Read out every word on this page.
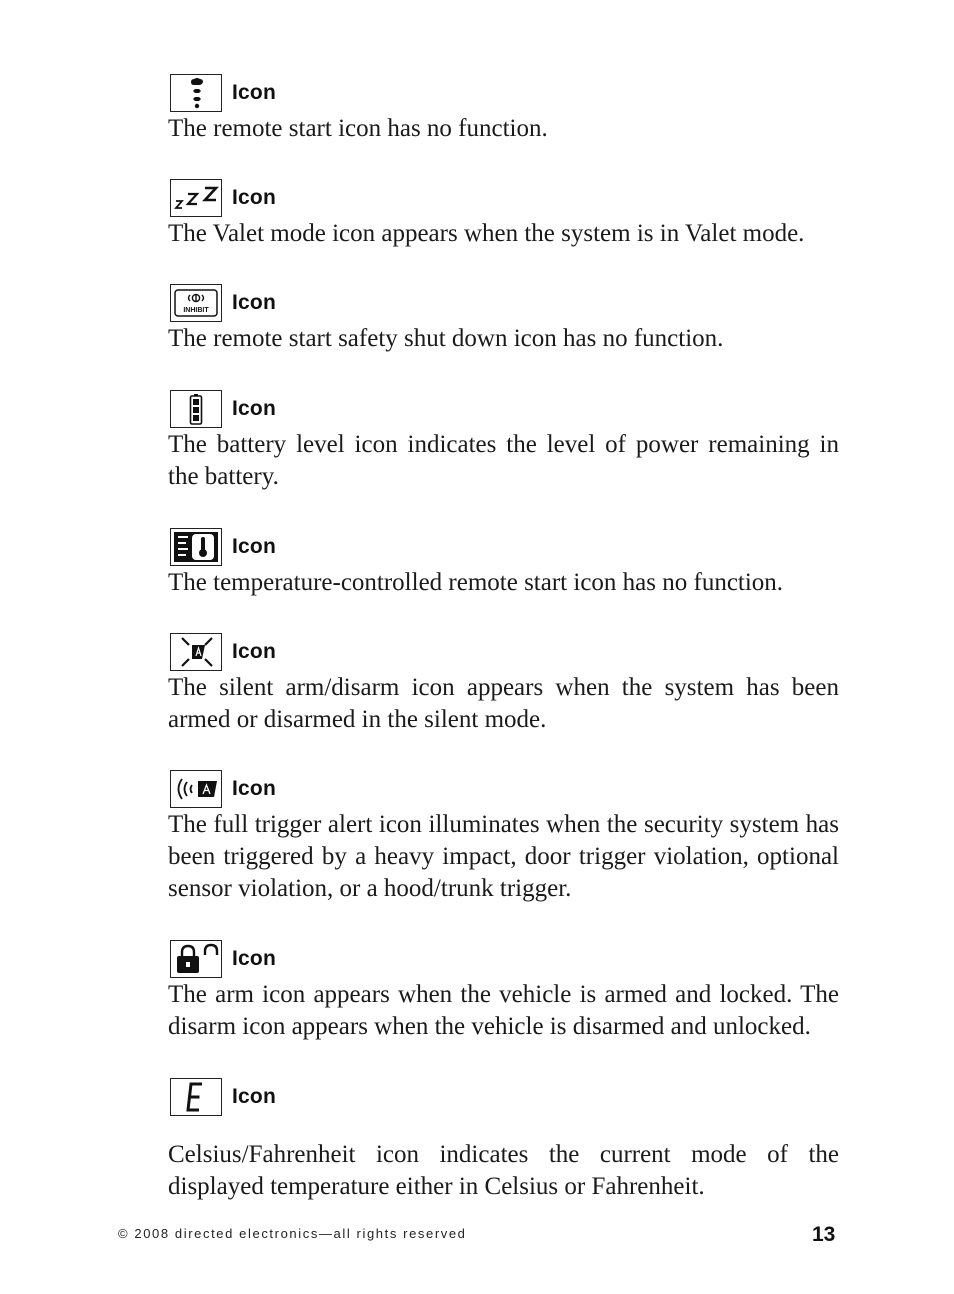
Icon

The remote start icon has no function.

Icon

The Valet mode icon appears when the system is in Valet mode.

INHIBIT Icon

The remote start safety shut down icon has no function.

Icon

The battery level icon indicates the level of power remaining in the battery.

Icon

The temperature-controlled remote start icon has no function.

Icon

The silent arm/disarm icon appears when the system has been armed or disarmed in the silent mode.

Icon

The full trigger alert icon illuminates when the security system has been triggered by a heavy impact, door trigger violation, optional sensor violation, or a hood/trunk trigger.

Icon

The arm icon appears when the vehicle is armed and locked. The disarm icon appears when the vehicle is disarmed and unlocked.

Icon

Celsius/Fahrenheit icon indicates the current mode of the displayed temperature either in Celsius or Fahrenheit.

© 2008 directed electronics—all rights reserved	13
